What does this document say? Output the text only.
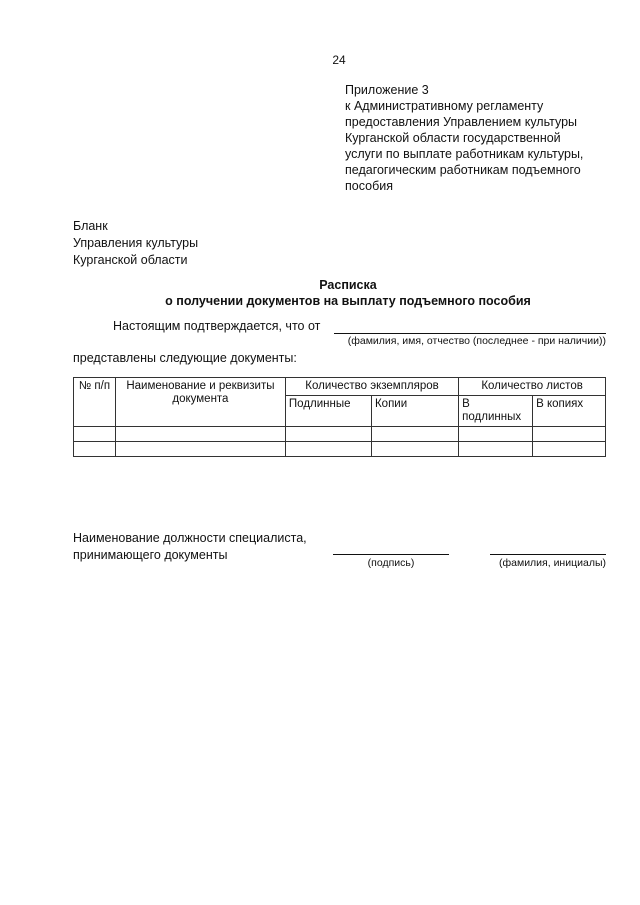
24
Приложение 3
к Административному регламенту
предоставления Управлением культуры
Курганской области государственной
услуги по выплате работникам культуры,
педагогическим работникам подъемного
пособия
Бланк
Управления культуры
Курганской области
Расписка
о получении документов на выплату подъемного пособия
Настоящим подтверждается, что от
(фамилия, имя, отчество (последнее - при наличии))
представлены следующие документы:
№ п/п	Наименование и реквизиты документа	Количество экземпляров		Количество листов	
		Подлинные	Копии	В подлинных	В копиях

Наименование должности специалиста,
принимающего документы
(подпись)	(фамилия, инициалы)
